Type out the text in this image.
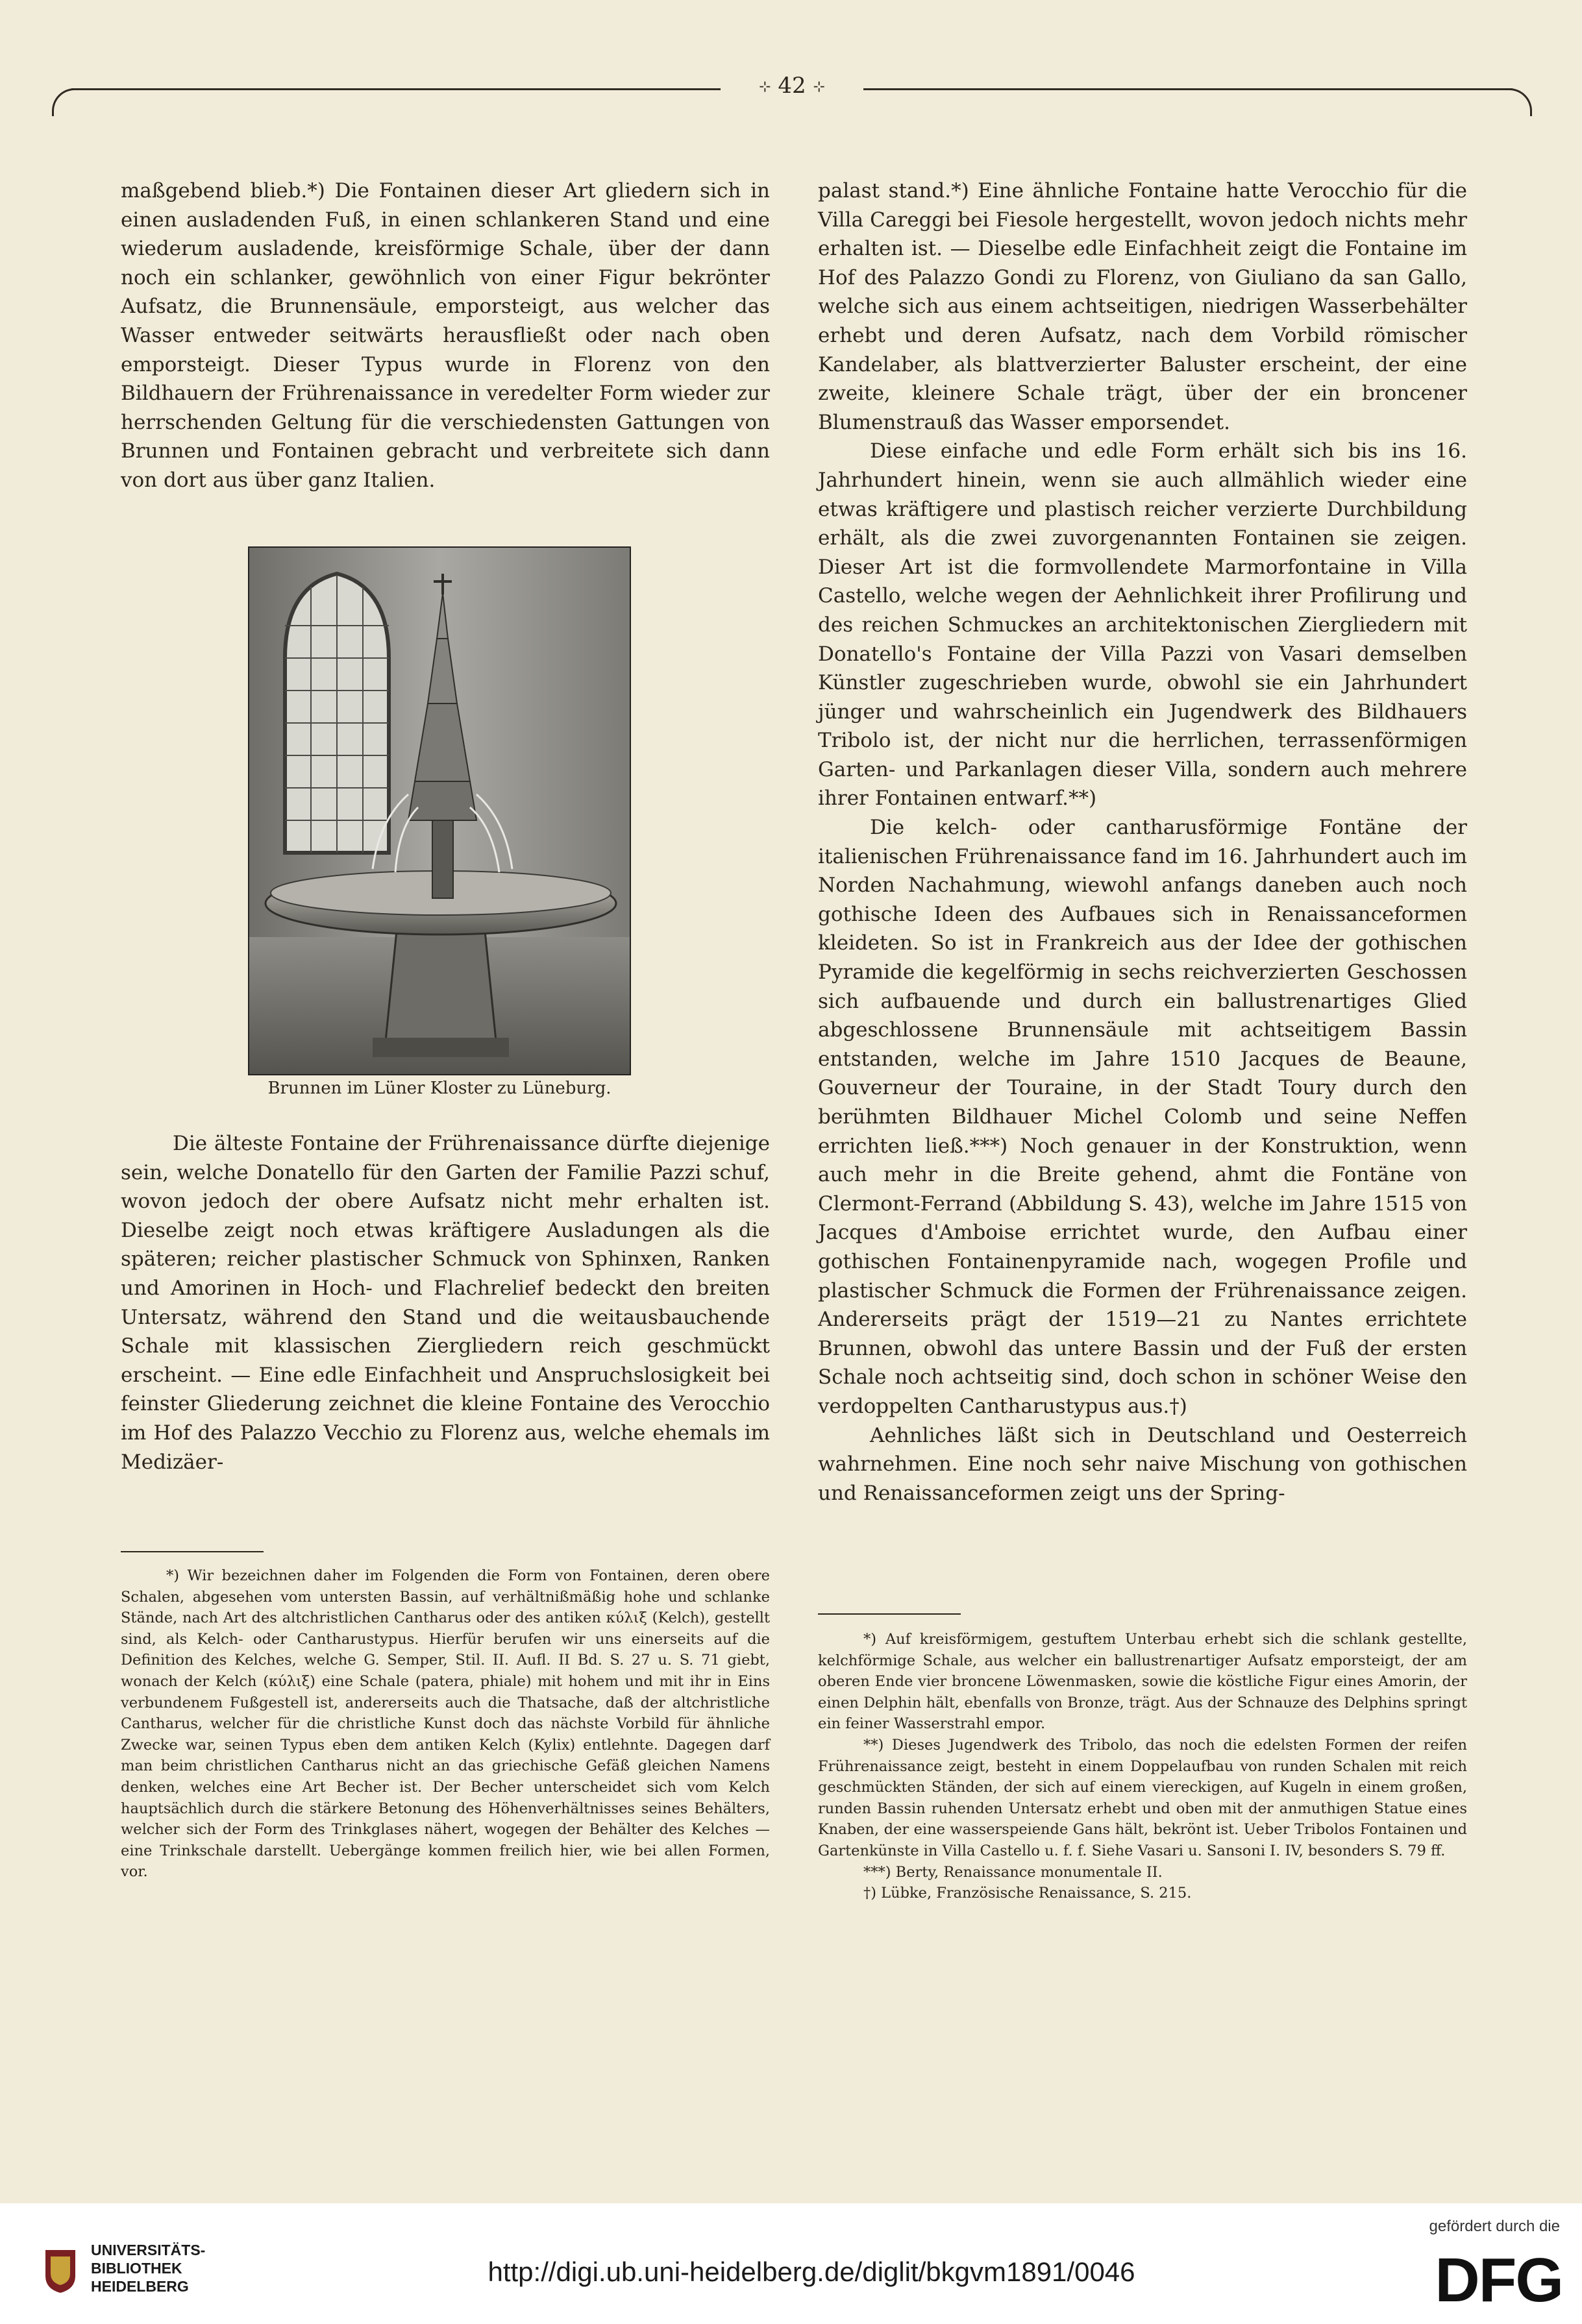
⊹ 42 ⊹

maßgebend blieb.*) Die Fontainen dieser Art gliedern sich in einen ausladenden Fuß, in einen schlankeren Stand und eine wiederum ausladende, kreisförmige Schale, über der dann noch ein schlanker, gewöhnlich von einer Figur bekrönter Aufsatz, die Brunnensäule, emporsteigt, aus welcher das Wasser entweder seitwärts herausfließt oder nach oben emporsteigt. Dieser Typus wurde in Florenz von den Bildhauern der Frührenaissance in veredelter Form wieder zur herrschenden Geltung für die verschiedensten Gattungen von Brunnen und Fontainen gebracht und verbreitete sich dann von dort aus über ganz Italien.

Brunnen im Lüner Kloster zu Lüneburg.

Die älteste Fontaine der Frührenaissance dürfte diejenige sein, welche Donatello für den Garten der Familie Pazzi schuf, wovon jedoch der obere Aufsatz nicht mehr erhalten ist. Dieselbe zeigt noch etwas kräftigere Ausladungen als die späteren; reicher plastischer Schmuck von Sphinxen, Ranken und Amorinen in Hoch- und Flachrelief bedeckt den breiten Untersatz, während den Stand und die weitausbauchende Schale mit klassischen Ziergliedern reich geschmückt erscheint. — Eine edle Einfachheit und Anspruchslosigkeit bei feinster Gliederung zeichnet die kleine Fontaine des Verocchio im Hof des Palazzo Vecchio zu Florenz aus, welche ehemals im Medizäer-

*) Wir bezeichnen daher im Folgenden die Form von Fontainen, deren obere Schalen, abgesehen vom untersten Bassin, auf verhältnißmäßig hohe und schlanke Stände, nach Art des altchristlichen Cantharus oder des antiken κύλιξ (Kelch), gestellt sind, als Kelch- oder Cantharustypus. Hierfür berufen wir uns einerseits auf die Definition des Kelches, welche G. Semper, Stil. II. Aufl. II Bd. S. 27 u. S. 71 giebt, wonach der Kelch (κύλιξ) eine Schale (patera, phiale) mit hohem und mit ihr in Eins verbundenem Fußgestell ist, andererseits auch die Thatsache, daß der altchristliche Cantharus, welcher für die christliche Kunst doch das nächste Vorbild für ähnliche Zwecke war, seinen Typus eben dem antiken Kelch (Kylix) entlehnte. Dagegen darf man beim christlichen Cantharus nicht an das griechische Gefäß gleichen Namens denken, welches eine Art Becher ist. Der Becher unterscheidet sich vom Kelch hauptsächlich durch die stärkere Betonung des Höhenverhältnisses seines Behälters, welcher sich der Form des Trinkglases nähert, wogegen der Behälter des Kelches — eine Trinkschale darstellt. Uebergänge kommen freilich hier, wie bei allen Formen, vor.

palast stand.*) Eine ähnliche Fontaine hatte Verocchio für die Villa Careggi bei Fiesole hergestellt, wovon jedoch nichts mehr erhalten ist. — Dieselbe edle Einfachheit zeigt die Fontaine im Hof des Palazzo Gondi zu Florenz, von Giuliano da san Gallo, welche sich aus einem achtseitigen, niedrigen Wasserbehälter erhebt und deren Aufsatz, nach dem Vorbild römischer Kandelaber, als blattverzierter Baluster erscheint, der eine zweite, kleinere Schale trägt, über der ein broncener Blumenstrauß das Wasser emporsendet.

Diese einfache und edle Form erhält sich bis ins 16. Jahrhundert hinein, wenn sie auch allmählich wieder eine etwas kräftigere und plastisch reicher verzierte Durchbildung erhält, als die zwei zuvorgenannten Fontainen sie zeigen. Dieser Art ist die formvollendete Marmorfontaine in Villa Castello, welche wegen der Aehnlichkeit ihrer Profilirung und des reichen Schmuckes an architektonischen Ziergliedern mit Donatello's Fontaine der Villa Pazzi von Vasari demselben Künstler zugeschrieben wurde, obwohl sie ein Jahrhundert jünger und wahrscheinlich ein Jugendwerk des Bildhauers Tribolo ist, der nicht nur die herrlichen, terrassenförmigen Garten- und Parkanlagen dieser Villa, sondern auch mehrere ihrer Fontainen entwarf.**)

Die kelch- oder cantharusförmige Fontäne der italienischen Frührenaissance fand im 16. Jahrhundert auch im Norden Nachahmung, wiewohl anfangs daneben auch noch gothische Ideen des Aufbaues sich in Renaissanceformen kleideten. So ist in Frankreich aus der Idee der gothischen Pyramide die kegelförmig in sechs reichverzierten Geschossen sich aufbauende und durch ein ballustrenartiges Glied abgeschlossene Brunnensäule mit achtseitigem Bassin entstanden, welche im Jahre 1510 Jacques de Beaune, Gouverneur der Touraine, in der Stadt Toury durch den berühmten Bildhauer Michel Colomb und seine Neffen errichten ließ.***) Noch genauer in der Konstruktion, wenn auch mehr in die Breite gehend, ahmt die Fontäne von Clermont-Ferrand (Abbildung S. 43), welche im Jahre 1515 von Jacques d'Amboise errichtet wurde, den Aufbau einer gothischen Fontainenpyramide nach, wogegen Profile und plastischer Schmuck die Formen der Frührenaissance zeigen. Andererseits prägt der 1519—21 zu Nantes errichtete Brunnen, obwohl das untere Bassin und der Fuß der ersten Schale noch achtseitig sind, doch schon in schöner Weise den verdoppelten Cantharustypus aus.†)

Aehnliches läßt sich in Deutschland und Oesterreich wahrnehmen. Eine noch sehr naive Mischung von gothischen und Renaissanceformen zeigt uns der Spring-

*) Auf kreisförmigem, gestuftem Unterbau erhebt sich die schlank gestellte, kelchförmige Schale, aus welcher ein ballustrenartiger Aufsatz emporsteigt, der am oberen Ende vier broncene Löwenmasken, sowie die köstliche Figur eines Amorin, der einen Delphin hält, ebenfalls von Bronze, trägt. Aus der Schnauze des Delphins springt ein feiner Wasserstrahl empor.

**) Dieses Jugendwerk des Tribolo, das noch die edelsten Formen der reifen Frührenaissance zeigt, besteht in einem Doppelaufbau von runden Schalen mit reich geschmückten Ständen, der sich auf einem viereckigen, auf Kugeln in einem großen, runden Bassin ruhenden Untersatz erhebt und oben mit der anmuthigen Statue eines Knaben, der eine wasserspeiende Gans hält, bekrönt ist. Ueber Tribolos Fontainen und Gartenkünste in Villa Castello u. f. f. Siehe Vasari u. Sansoni I. IV, besonders S. 79 ff.

***) Berty, Renaissance monumentale II.

†) Lübke, Französische Renaissance, S. 215.

UNIVERSITÄTS-
BIBLIOTHEK
HEIDELBERG	http://digi.ub.uni-heidelberg.de/diglit/bkgvm1891/0046
gefördert durch die
DFG
